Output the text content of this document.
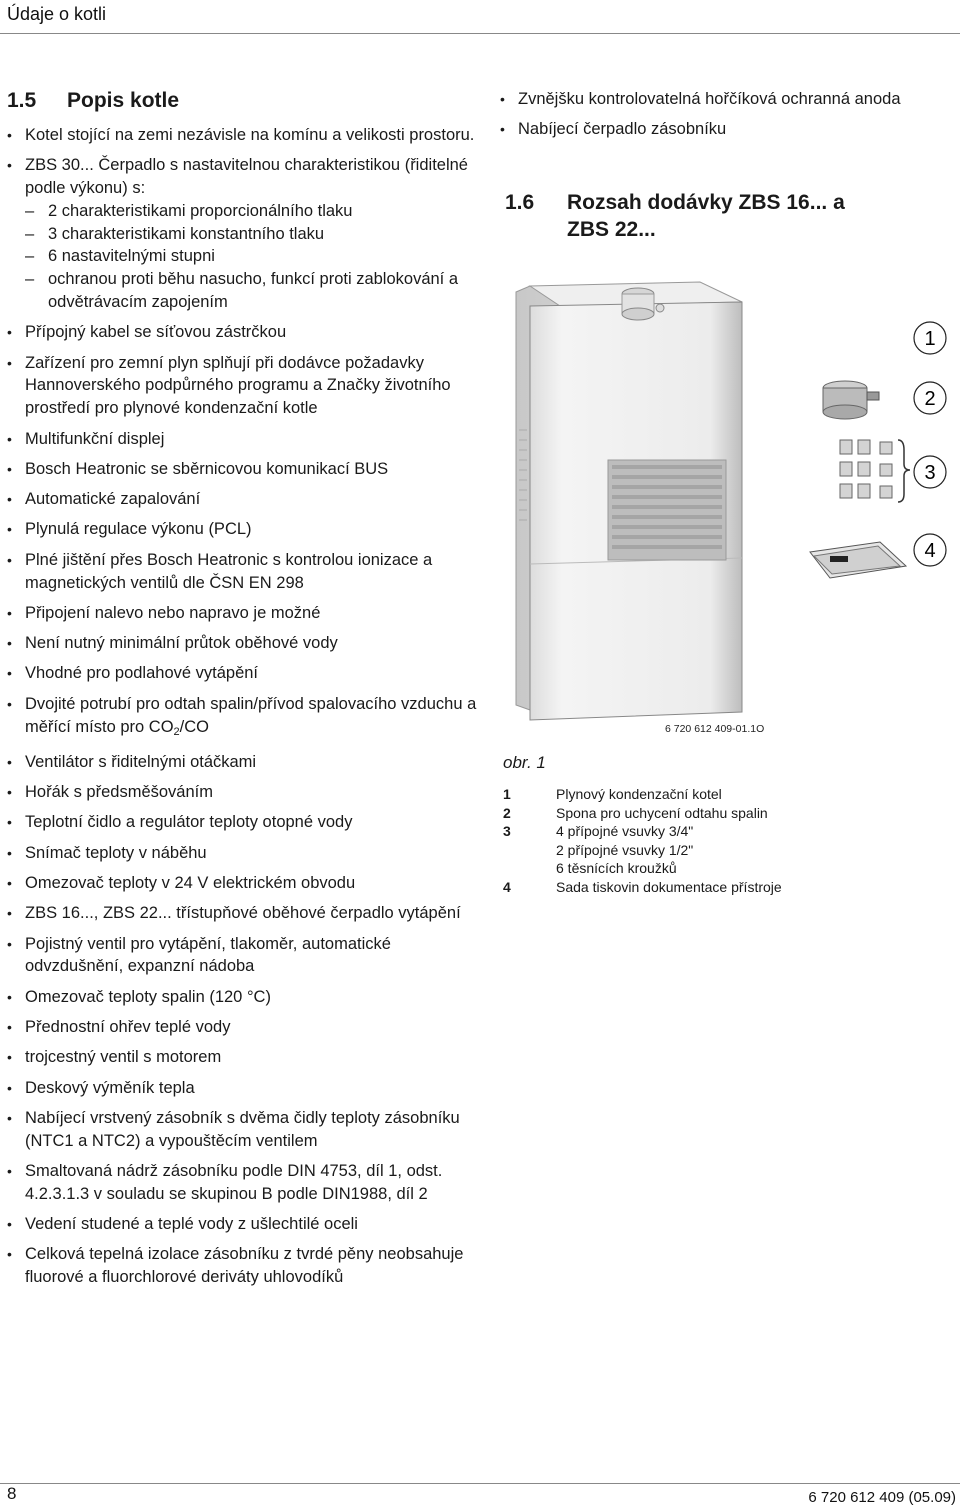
Údaje o kotli
1.5 Popis kotle
• Kotel stojící na zemi nezávisle na komínu a velikosti prostoru.
• ZBS 30... Čerpadlo s nastavitelnou charakteristikou (řiditelné podle výkonu) s:
– 2 charakteristikami proporcionálního tlaku
– 3 charakteristikami konstantního tlaku
– 6 nastavitelnými stupni
– ochranou proti běhu nasucho, funkcí proti zablokování a odvětrávacím zapojením
• Přípojný kabel se síťovou zástrčkou
• Zařízení pro zemní plyn splňují při dodávce požadavky Hannoverského podpůrného programu a Značky životního prostředí pro plynové kondenzační kotle
• Multifunkční displej
• Bosch Heatronic se sběrnicovou komunikací BUS
• Automatické zapalování
• Plynulá regulace výkonu (PCL)
• Plné jištění přes Bosch Heatronic s kontrolou ionizace a magnetických ventilů dle ČSN EN 298
• Připojení nalevo nebo napravo je možné
• Není nutný minimální průtok oběhové vody
• Vhodné pro podlahové vytápění
• Dvojité potrubí pro odtah spalin/přívod spalovacího vzduchu a měřící místo pro $CO_2/CO$
• Ventilátor s řiditelnými otáčkami
• Hořák s předsměšováním
• Teplotní čidlo a regulátor teploty otopné vody
• Snímač teploty v náběhu
• Omezovač teploty v 24 V elektrickém obvodu
• ZBS 16..., ZBS 22... třístupňové oběhové čerpadlo vytápění
• Pojistný ventil pro vytápění, tlakoměr, automatické odvzdušnění, expanzní nádoba
• Omezovač teploty spalin (120 °C)
• Přednostní ohřev teplé vody
• trojcestný ventil s motorem
• Deskový výměník tepla
• Nabíjecí vrstvený zásobník s dvěma čidly teploty zásobníku (NTC1 a NTC2) a vypouštěcím ventilem
• Smaltovaná nádrž zásobníku podle DIN 4753, díl 1, odst. 4.2.3.1.3 v souladu se skupinou B podle DIN1988, díl 2
• Vedení studené a teplé vody z ušlechtilé oceli
• Celková tepelná izolace zásobníku z tvrdé pěny neobsahuje fluorové a fluorchlorové deriváty uhlovodíků
• Zvnějšku kontrolovatelná hořčíková ochranná anoda
• Nabíjecí čerpadlo zásobníku
1.6	Rozsah dodávky ZBS 16... a
ZBS 22...
1
2
3
4
6 720 612 409-01.1O
obr. 1
1	Plynový kondenzační kotel
2	Spona pro uchycení odtahu spalin
3	4 přípojné vsuvky 3/4"
2 přípojné vsuvky 1/2"
6 těsnících kroužků
4	Sada tiskovin dokumentace přístroje
8	6 720 612 409 (05.09)
